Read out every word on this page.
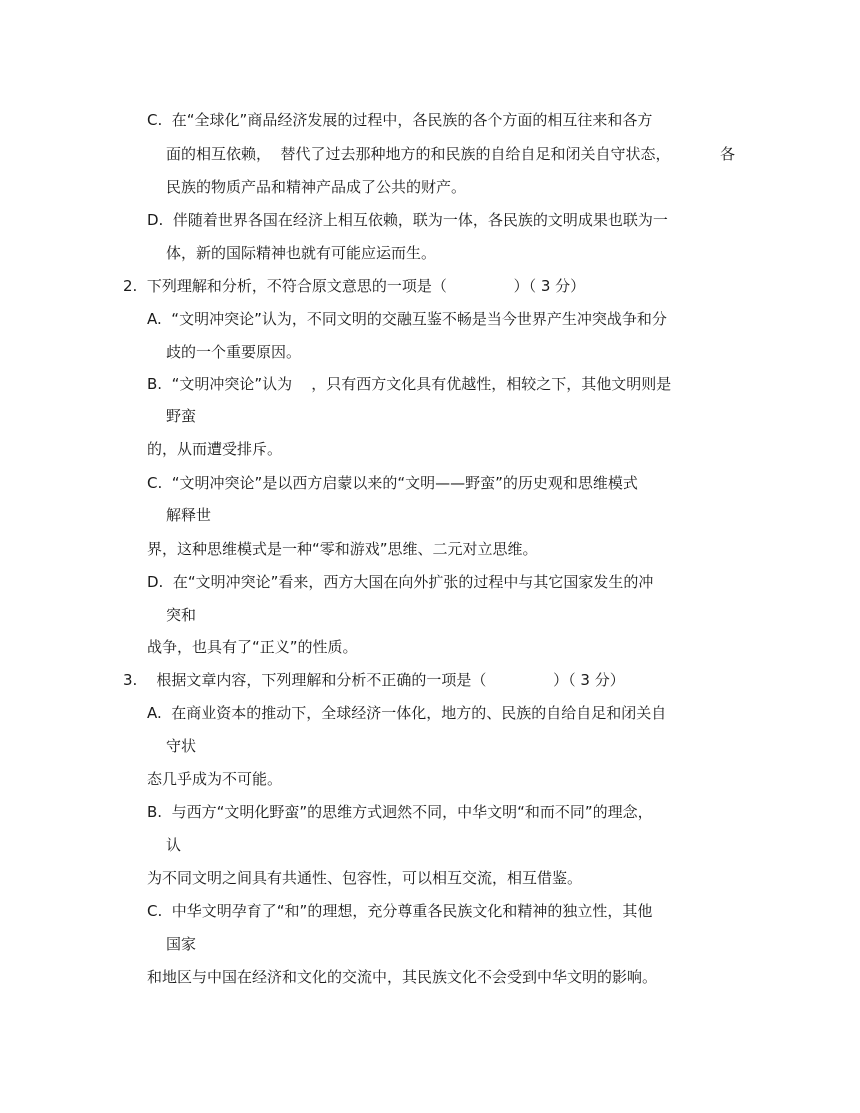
C.  在“全球化”商品经济发展的过程中，各民族的各个方面的相互往来和各方
面的相互依赖，  替代了过去那种地方的和民族的自给自足和闭关自守状态，	各
民族的物质产品和精神产品成了公共的财产。
D.  伴随着世界各国在经济上相互依赖，联为一体，各民族的文明成果也联为一
体，新的国际精神也就有可能应运而生。
2.  下列理解和分析，不符合原文意思的一项是（              ）（ 3 分）
A.  “文明冲突论”认为，不同文明的交融互鉴不畅是当今世界产生冲突战争和分
歧的一个重要原因。
B.  “文明冲突论”认为    ，只有西方文化具有优越性，相较之下，其他文明则是
野蛮
的，从而遭受排斥。
C.  “文明冲突论”是以西方启蒙以来的“文明——野蛮”的历史观和思维模式
解释世
界，这种思维模式是一种“零和游戏”思维、二元对立思维。
D.  在“文明冲突论”看来，西方大国在向外扩张的过程中与其它国家发生的冲
突和
战争，也具有了“正义”的性质。
3.    根据文章内容，下列理解和分析不正确的一项是（              ）（ 3 分）
A.  在商业资本的推动下，全球经济一体化，地方的、民族的自给自足和闭关自
守状
态几乎成为不可能。
B.  与西方“文明化野蛮”的思维方式迥然不同，中华文明“和而不同”的理念，
认
为不同文明之间具有共通性、包容性，可以相互交流，相互借鉴。
C.  中华文明孕育了“和”的理想，充分尊重各民族文化和精神的独立性，其他
国家
和地区与中国在经济和文化的交流中，其民族文化不会受到中华文明的影响。
